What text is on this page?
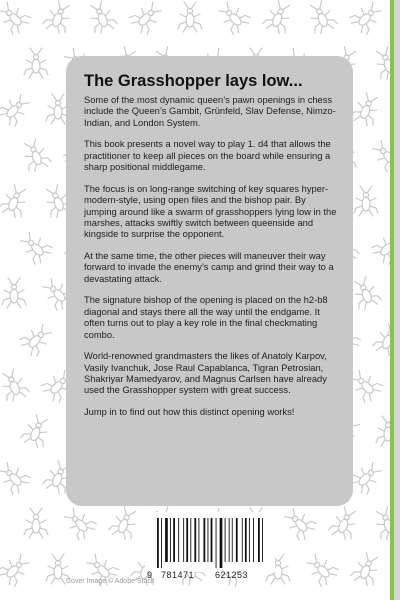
The Grasshopper lays low...

Some of the most dynamic queen’s pawn openings in chess include the Queen’s Gambit, Grünfeld, Slav Defense, Nimzo-Indian, and London System.

This book presents a novel way to play 1. d4 that allows the practitioner to keep all pieces on the board while ensuring a sharp positional middlegame.

The focus is on long-range switching of key squares hyper-modern-style, using open files and the bishop pair. By jumping around like a swarm of grasshoppers lying low in the marshes, attacks swiftly switch between queenside and kingside to surprise the opponent.

At the same time, the other pieces will maneuver their way forward to invade the enemy’s camp and grind their way to a devastating attack.

The signature bishop of the opening is placed on the h2-b8 diagonal and stays there all the way until the endgame. It often turns out to play a key role in the final checkmating combo.

World-renowned grandmasters the likes of Anatoly Karpov, Vasily Ivanchuk, Jose Raul Capablanca, Tigran Petrosian, Shakriyar Mamedyarov, and Magnus Carlsen have already used the Grasshopper system with great success.

Jump in to find out how this distinct opening works!

9 781471 621253
Cover Image © Adobe Stock
